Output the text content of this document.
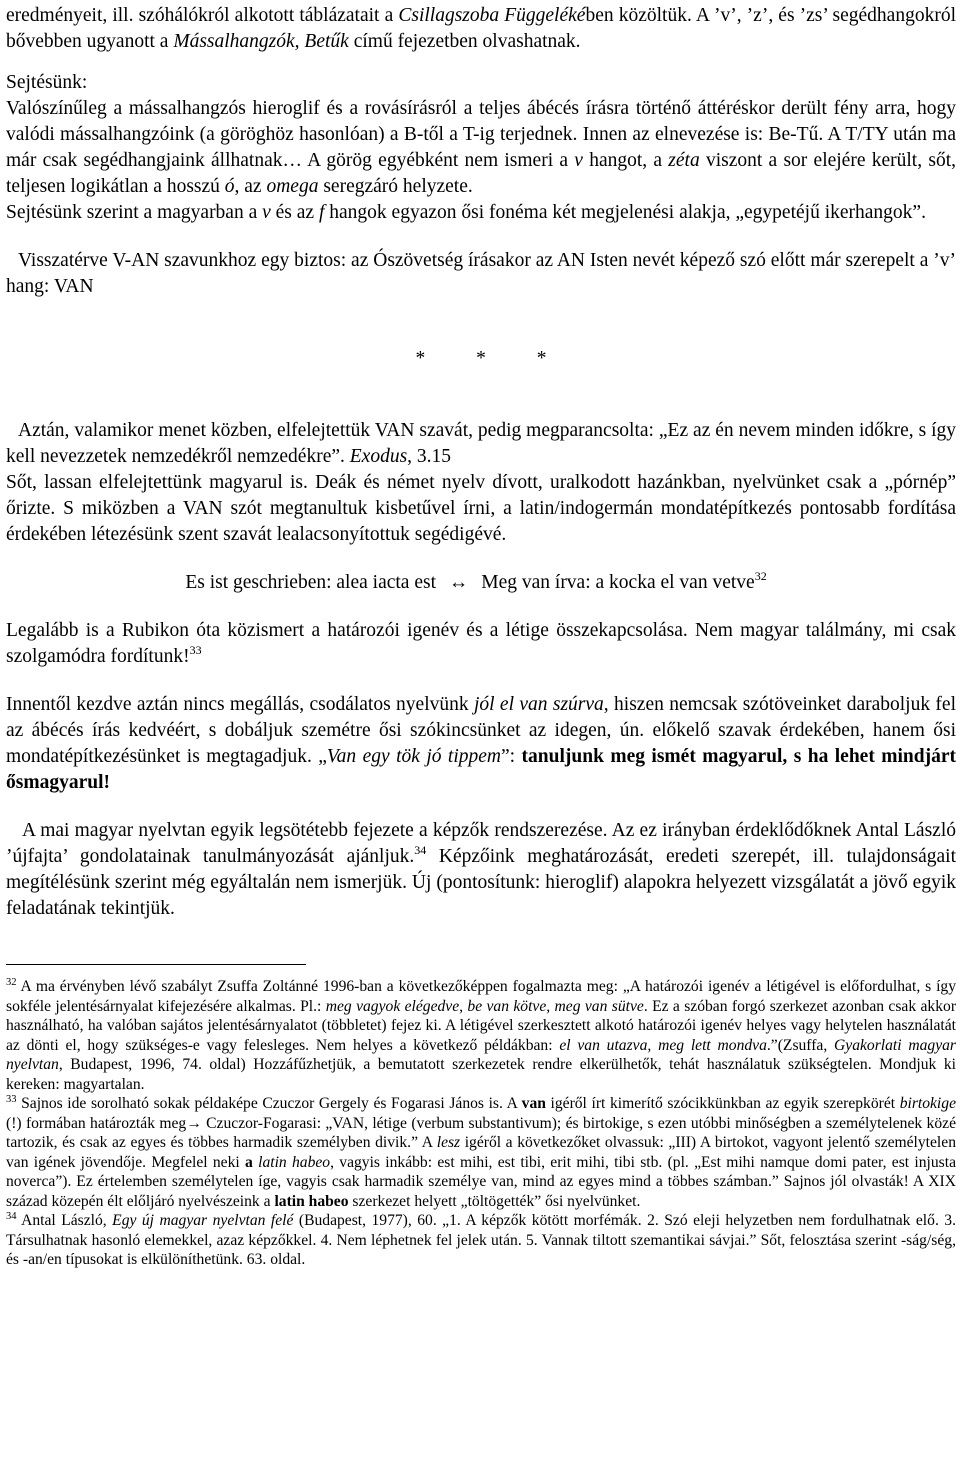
eredményeit, ill. szóhálókról alkotott táblázatait a Csillagszoba Függelékében közöltük. A ’v’, ’z’, és ’zs’ segédhangokról bővebben ugyanott a Mássalhangzók, Betűk című fejezetben olvashatnak.

Sejtésünk:

Valószínűleg a mássalhangzós hieroglif és a rovásírásról a teljes ábécés írásra történő áttéréskor derült fény arra, hogy valódi mássalhangzóink (a göröghöz hasonlóan) a B-től a T-ig terjednek. Innen az elnevezése is: Be-Tű. A T/TY után ma már csak segédhangjaink állhatnak… A görög egyébként nem ismeri a v hangot, a zéta viszont a sor elejére került, sőt, teljesen logikátlan a hosszú ó, az omega seregzáró helyzete.

Sejtésünk szerint a magyarban a v és az f hangok egyazon ősi fonéma két megjelenési alakja, „egypetéjű ikerhangok”.

Visszatérve V-AN szavunkhoz egy biztos: az Ószövetség írásakor az AN Isten nevét képező szó előtt már szerepelt a ’v’ hang: VAN

* * *

Aztán, valamikor menet közben, elfelejtettük VAN szavát, pedig megparancsolta: „Ez az én nevem minden időkre, s így kell nevezzetek nemzedékről nemzedékre”. Exodus, 3.15

Sőt, lassan elfelejtettünk magyarul is. Deák és német nyelv dívott, uralkodott hazánkban, nyelvünket csak a „pórnép” őrizte. S miközben a VAN szót megtanultuk kisbetűvel írni, a latin/indogermán mondatépítkezés pontosabb fordítása érdekében létezésünk szent szavát lealacsonyítottuk segédigévé.

Es ist geschrieben: alea iacta est ↔ Meg van írva: a kocka el van vetve$^{32}$

Legalább is a Rubikon óta közismert a határozói igenév és a létige összekapcsolása. Nem magyar találmány, mi csak szolgamódra fordítunk!$^{33}$

Innentől kezdve aztán nincs megállás, csodálatos nyelvünk jól el van szúrva, hiszen nemcsak szótöveinket daraboljuk fel az ábécés írás kedvéért, s dobáljuk szemétre ősi szókincsünket az idegen, ún. előkelő szavak érdekében, hanem ősi mondatépítkezésünket is megtagadjuk. „Van egy tök jó tippem”: tanuljunk meg ismét magyarul, s ha lehet mindjárt ősmagyarul!

A mai magyar nyelvtan egyik legsötétebb fejezete a képzők rendszerezése. Az ez irányban érdeklődőknek Antal László ’újfajta’ gondolatainak tanulmányozását ajánljuk.$^{34}$ Képzőink meghatározását, eredeti szerepét, ill. tulajdonságait megítélésünk szerint még egyáltalán nem ismerjük. Új (pontosítunk: hieroglif) alapokra helyezett vizsgálatát a jövő egyik feladatának tekintjük.

$^{32}$ A ma érvényben lévő szabályt Zsuffa Zoltánné 1996-ban a következőképpen fogalmazta meg: „A határozói igenév a létigével is előfordulhat, s így sokféle jelentésárnyalat kifejezésére alkalmas. Pl.: meg vagyok elégedve, be van kötve, meg van sütve. Ez a szóban forgó szerkezet azonban csak akkor használható, ha valóban sajátos jelentésárnyalatot (többletet) fejez ki. A létigével szerkesztett alkotó határozói igenév helyes vagy helytelen használatát az dönti el, hogy szükséges-e vagy felesleges. Nem helyes a következő példákban: el van utazva, meg lett mondva.”(Zsuffa, Gyakorlati magyar nyelvtan, Budapest, 1996, 74. oldal) Hozzáfűzhetjük, a bemutatott szerkezetek rendre elkerülhetők, tehát használatuk szükségtelen. Mondjuk ki kereken: magyartalan.

$^{33}$ Sajnos ide sorolható sokak példaképe Czuczor Gergely és Fogarasi János is. A van igéről írt kimerítő szócikkünkban az egyik szerepkörét birtokige (!) formában határozták meg→ Czuczor-Fogarasi: „VAN, létige (verbum substantivum); és birtokige, s ezen utóbbi minőségben a személytelenek közé tartozik, és csak az egyes és többes harmadik személyben divik.” A lesz igéről a következőket olvassuk: „III) A birtokot, vagyont jelentő személytelen van igének jövendője. Megfelel neki a latin habeo, vagyis inkább: est mihi, est tibi, erit mihi, tibi stb. (pl. „Est mihi namque domi pater, est injusta noverca”). Ez értelemben személytelen íge, vagyis csak harmadik személye van, mind az egyes mind a többes számban.” Sajnos jól olvasták! A XIX század közepén élt előljáró nyelvészeink a latin habeo szerkezet helyett „töltögették” ősi nyelvünket.

$^{34}$ Antal László, Egy új magyar nyelvtan felé (Budapest, 1977), 60. „1. A képzők kötött morfémák. 2. Szó eleji helyzetben nem fordulhatnak elő. 3. Társulhatnak hasonló elemekkel, azaz képzőkkel. 4. Nem léphetnek fel jelek után. 5. Vannak tiltott szemantikai sávjai.” Sőt, felosztása szerint -ság/ség, és -an/en típusokat is elkülöníthetünk. 63. oldal.
